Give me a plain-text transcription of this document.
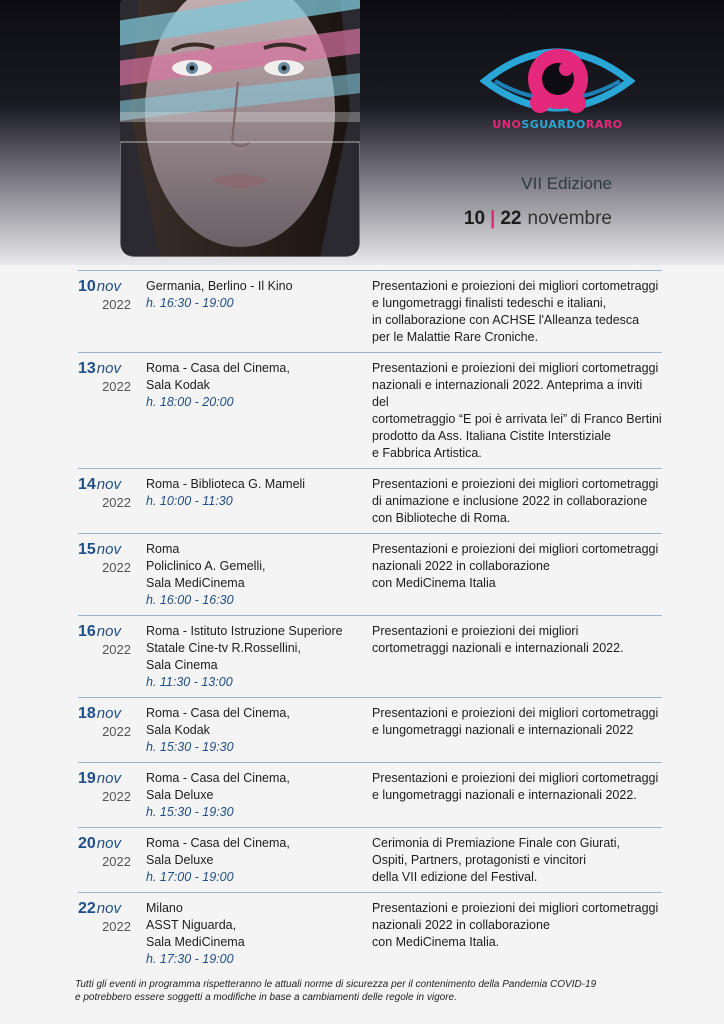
UNOSGUARDORARO
VII Edizione
10 | 22 novembre
10nov
2022
Germania, Berlino - Il Kino
h. 16:30 - 19:00
Presentazioni e proiezioni dei migliori cortometraggi
e lungometraggi finalisti tedeschi e italiani,
in collaborazione con ACHSE l'Alleanza tedesca
per le Malattie Rare Croniche.
13nov
2022
Roma - Casa del Cinema,
Sala Kodak
h. 18:00 - 20:00
Presentazioni e proiezioni dei migliori cortometraggi
nazionali e internazionali 2022. Anteprima a inviti del
cortometraggio “E poi è arrivata lei” di Franco Bertini
prodotto da Ass. Italiana Cistite Interstiziale
e Fabbrica Artistica.
14nov
2022
Roma - Biblioteca G. Mameli
h. 10:00 - 11:30
Presentazioni e proiezioni dei migliori cortometraggi
di animazione e inclusione 2022 in collaborazione
con Biblioteche di Roma.
15nov
2022
Roma
Policlinico A. Gemelli,
Sala MediCinema
h. 16:00 - 16:30
Presentazioni e proiezioni dei migliori cortometraggi
nazionali 2022 in collaborazione
con MediCinema Italia
16nov
2022
Roma - Istituto Istruzione Superiore
Statale Cine-tv R.Rossellini,
Sala Cinema
h. 11:30 - 13:00
Presentazioni e proiezioni dei migliori
cortometraggi nazionali e internazionali 2022.
18nov
2022
Roma - Casa del Cinema,
Sala Kodak
h. 15:30 - 19:30
Presentazioni e proiezioni dei migliori cortometraggi
e lungometraggi nazionali e internazionali 2022
19nov
2022
Roma - Casa del Cinema,
Sala Deluxe
h. 15:30 - 19:30
Presentazioni e proiezioni dei migliori cortometraggi
e lungometraggi nazionali e internazionali 2022.
20nov
2022
Roma - Casa del Cinema,
Sala Deluxe
h. 17:00 - 19:00
Cerimonia di Premiazione Finale con Giurati,
Ospiti, Partners, protagonisti e vincitori
della VII edizione del Festival.
22nov
2022
Milano
ASST Niguarda,
Sala MediCinema
h. 17:30 - 19:00
Presentazioni e proiezioni dei migliori cortometraggi
nazionali 2022 in collaborazione
con MediCinema Italia.
Tutti gli eventi in programma rispetteranno le attuali norme di sicurezza per il contenimento della Pandemia COVID-19
e potrebbero essere soggetti a modifiche in base a cambiamenti delle regole in vigore.
